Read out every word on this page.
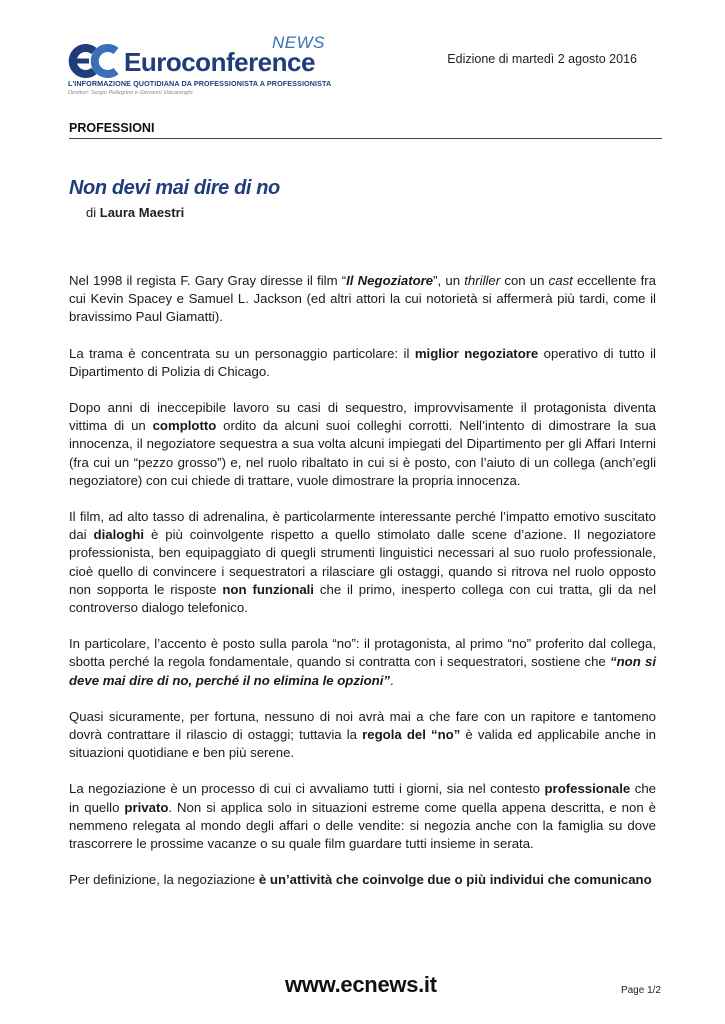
NEWS
Euroconference
L'INFORMAZIONE QUOTIDIANA DA PROFESSIONISTA A PROFESSIONISTA
Direttori: Sergio Pellegrino e Giovanni Valcarenghi
Edizione di martedì 2 agosto 2016
PROFESSIONI
Non devi mai dire di no
di Laura Maestri

Nel 1998 il regista F. Gary Gray diresse il film “Il Negoziatore”, un thriller con un cast eccellente fra cui Kevin Spacey e Samuel L. Jackson (ed altri attori la cui notorietà si affermerà più tardi, come il bravissimo Paul Giamatti).

La trama è concentrata su un personaggio particolare: il miglior negoziatore operativo di tutto il Dipartimento di Polizia di Chicago.

Dopo anni di ineccepibile lavoro su casi di sequestro, improvvisamente il protagonista diventa vittima di un complotto ordito da alcuni suoi colleghi corrotti. Nell’intento di dimostrare la sua innocenza, il negoziatore sequestra a sua volta alcuni impiegati del Dipartimento per gli Affari Interni (fra cui un “pezzo grosso”) e, nel ruolo ribaltato in cui si è posto, con l’aiuto di un collega (anch’egli negoziatore) con cui chiede di trattare, vuole dimostrare la propria innocenza.

Il film, ad alto tasso di adrenalina, è particolarmente interessante perché l’impatto emotivo suscitato dai dialoghi è più coinvolgente rispetto a quello stimolato dalle scene d’azione. Il negoziatore professionista, ben equipaggiato di quegli strumenti linguistici necessari al suo ruolo professionale, cioè quello di convincere i sequestratori a rilasciare gli ostaggi, quando si ritrova nel ruolo opposto non sopporta le risposte non funzionali che il primo, inesperto collega con cui tratta, gli da nel controverso dialogo telefonico.

In particolare, l’accento è posto sulla parola “no”: il protagonista, al primo “no” proferito dal collega, sbotta perché la regola fondamentale, quando si contratta con i sequestratori, sostiene che “non si deve mai dire di no, perché il no elimina le opzioni”.

Quasi sicuramente, per fortuna, nessuno di noi avrà mai a che fare con un rapitore e tantomeno dovrà contrattare il rilascio di ostaggi; tuttavia la regola del “no” è valida ed applicabile anche in situazioni quotidiane e ben più serene.

La negoziazione è un processo di cui ci avvaliamo tutti i giorni, sia nel contesto professionale che in quello privato. Non si applica solo in situazioni estreme come quella appena descritta, e non è nemmeno relegata al mondo degli affari o delle vendite: si negozia anche con la famiglia su dove trascorrere le prossime vacanze o su quale film guardare tutti insieme in serata.

Per definizione, la negoziazione è un’attività che coinvolge due o più individui che comunicano

www.ecnews.it	Page 1/2
